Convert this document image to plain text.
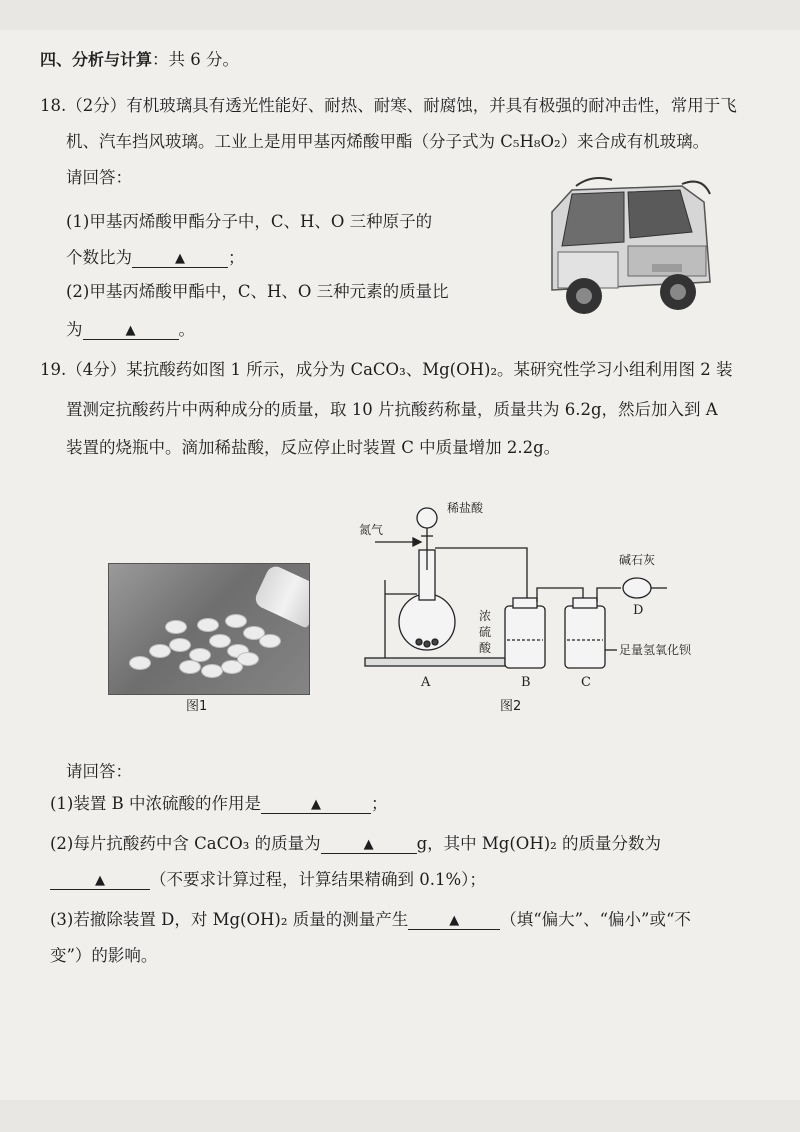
四、分析与计算：共 6 分。
18.（2分）有机玻璃具有透光性能好、耐热、耐寒、耐腐蚀，并具有极强的耐冲击性，常用于飞
机、汽车挡风玻璃。工业上是用甲基丙烯酸甲酯（分子式为 C₅H₈O₂）来合成有机玻璃。
请回答：
(1)甲基丙烯酸甲酯分子中，C、H、O 三种原子的
个数比为	▲	；
(2)甲基丙烯酸甲酯中，C、H、O 三种元素的质量比
为	▲	。
19.（4分）某抗酸药如图 1 所示，成分为 CaCO₃、Mg(OH)₂。某研究性学习小组利用图 2 装
置测定抗酸药片中两种成分的质量，取 10 片抗酸药称量，质量共为 6.2g，然后加入到 A
装置的烧瓶中。滴加稀盐酸，反应停止时装置 C 中质量增加 2.2g。
图1
稀盐酸
氮气
碱石灰
浓
硫
酸	足量氢氧化钡
A	B	C
D
图2
请回答：
(1)装置 B 中浓硫酸的作用是	▲	；
(2)每片抗酸药中含 CaCO₃ 的质量为	▲	g，其中 Mg(OH)₂ 的质量分数为
▲	（不要求计算过程，计算结果精确到 0.1%）；
(3)若撤除装置 D，对 Mg(OH)₂ 质量的测量产生	▲ （填“偏大”、“偏小”或“不
变”）的影响。
